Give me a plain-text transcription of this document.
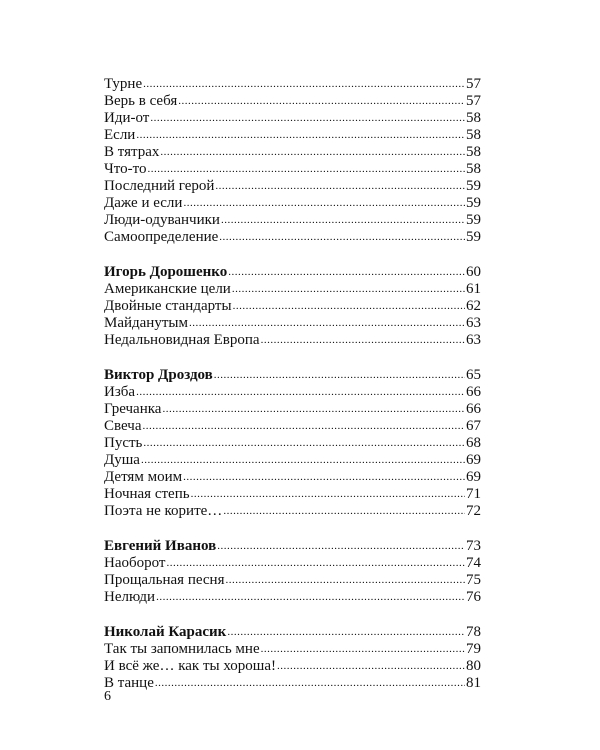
Турне .....	57
Верь в себя .....	57
Иди-от .....	58
Если .....	58
В тятрах .....	58
Что-то .....	58
Последний герой .....	59
Даже и если .....	59
Люди-одуванчики .....	59
Самоопределение .....	59
Игорь Дорошенко .....	60
Американские цели .....	61
Двойные стандарты .....	62
Майданутым .....	63
Недальновидная Европа .....	63
Виктор Дроздов .....	65
Изба .....	66
Гречанка .....	66
Свеча .....	67
Пусть .....	68
Душа .....	69
Детям моим .....	69
Ночная степь .....	71
Поэта не корите… .....	72
Евгений Иванов .....	73
Наоборот .....	74
Прощальная песня .....	75
Нелюди .....	76
Николай Карасик .....	78
Так ты запомнилась мне .....	79
И всё же… как ты хороша! .....	80
В танце .....	81
6
